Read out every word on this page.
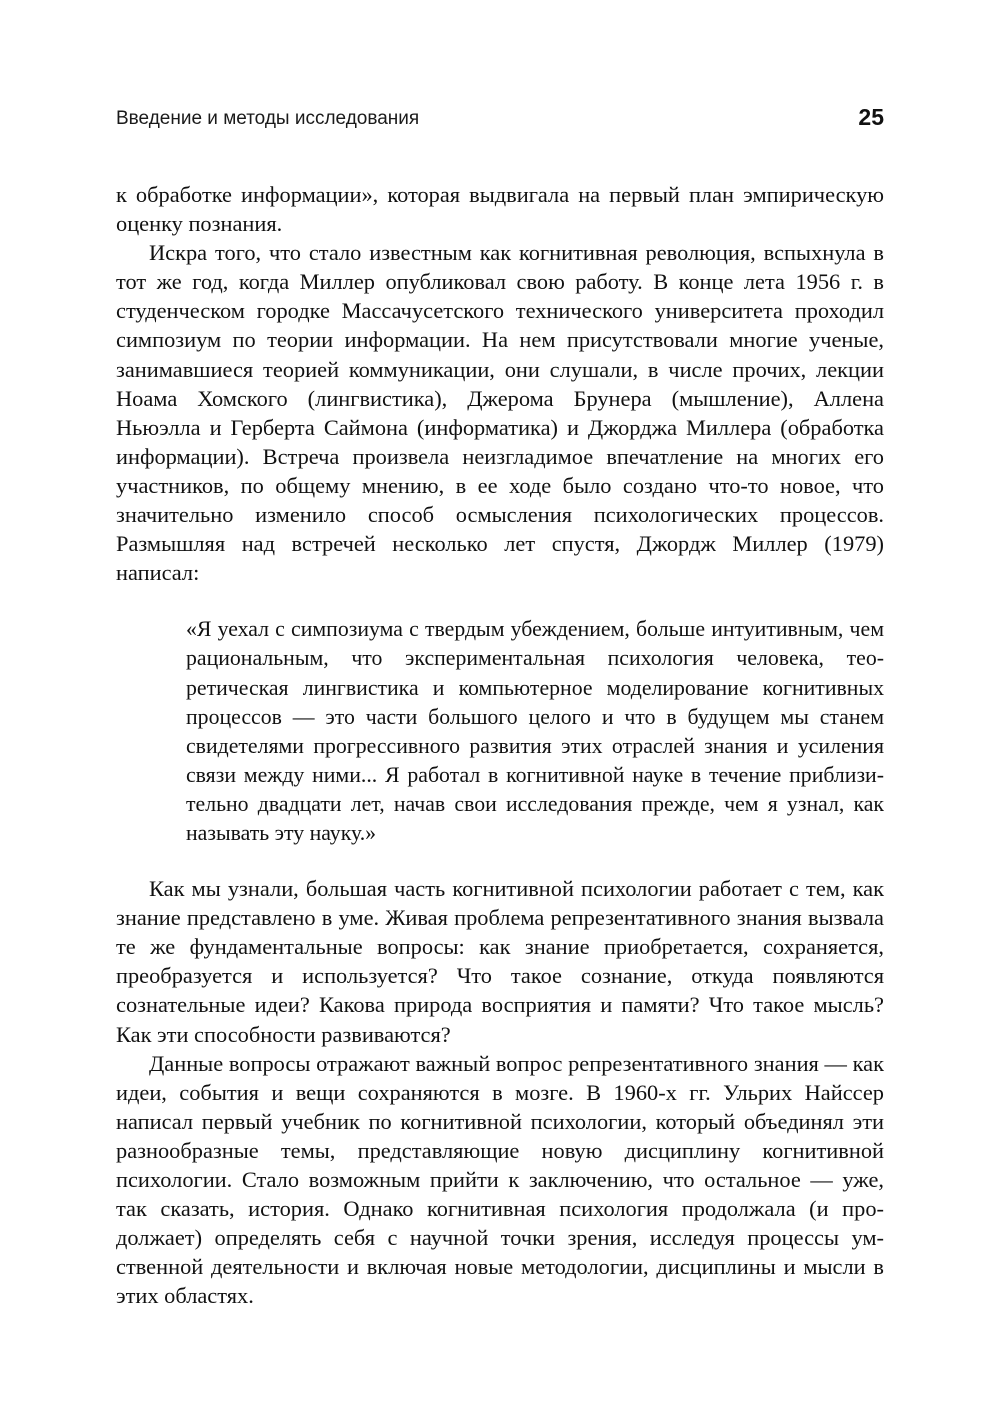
Введение и методы исследования	25

к обработке информации», которая выдвигала на первый план эмпирическую оценку познания.

Искра того, что стало известным как когнитивная революция, вспыхнула в тот же год, когда Миллер опубликовал свою работу. В конце лета 1956 г. в студенческом городке Массачусетского технического университета проходил симпозиум по теории информации. На нем присутствовали многие ученые, занимавшиеся теорией коммуникации, они слушали, в числе прочих, лекции Ноама Хомского (лингвистика), Джерома Брунера (мышление), Аллена Ньюэлла и Герберта Саймона (информатика) и Джорджа Миллера (обработка информации). Встреча произвела неизгладимое впечатление на многих его участников, по общему мнению, в ее ходе было создано что-то новое, что значительно изменило способ осмысления психологических процессов. Размышляя над встречей несколько лет спустя, Джордж Миллер (1979) написал:

«Я уехал с симпозиума с твердым убеждением, больше интуитивным, чем рациональным, что экспериментальная психология человека, теоретическая лингвистика и компьютерное моделирование когнитивных процессов — это части большого целого и что в будущем мы станем свидетелями прогрессивного развития этих отраслей знания и усиления связи между ними... Я работал в когнитивной науке в течение приблизительно двадцати лет, начав свои исследования прежде, чем я узнал, как называть эту науку.»

Как мы узнали, большая часть когнитивной психологии работает с тем, как знание представлено в уме. Живая проблема репрезентативного знания вызвала те же фундаментальные вопросы: как знание приобретается, сохраняется, преобразуется и используется? Что такое сознание, откуда появляются сознательные идеи? Какова природа восприятия и памяти? Что такое мысль? Как эти способности развиваются?

Данные вопросы отражают важный вопрос репрезентативного знания — как идеи, события и вещи сохраняются в мозге. В 1960-х гг. Ульрих Найссер написал первый учебник по когнитивной психологии, который объединял эти разнообразные темы, представляющие новую дисциплину когнитивной психологии. Стало возможным прийти к заключению, что остальное — уже, так сказать, история. Однако когнитивная психология продолжала (и продолжает) определять себя с научной точки зрения, исследуя процессы умственной деятельности и включая новые методологии, дисциплины и мысли в этих областях.
